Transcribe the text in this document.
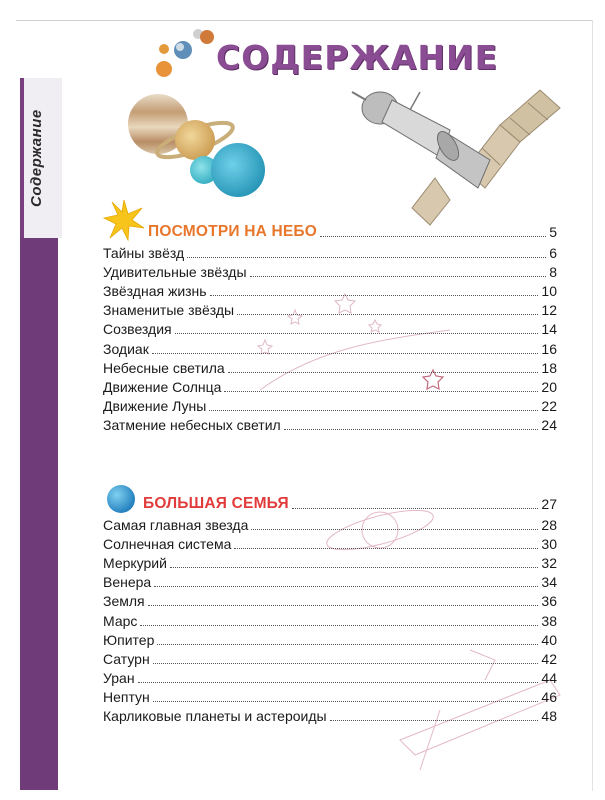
Содержание
СОДЕРЖАНИЕ
ПОСМОТРИ НА НЕБО	5
Тайны звёзд	6
Удивительные звёзды	8
Звёздная жизнь	10
Знаменитые звёзды	12
Созвездия	14
Зодиак	16
Небесные светила	18
Движение Солнца	20
Движение Луны	22
Затмение небесных светил	24
БОЛЬШАЯ СЕМЬЯ	27
Самая главная звезда	28
Солнечная система	30
Меркурий	32
Венера	34
Земля	36
Марс	38
Юпитер	40
Сатурн	42
Уран	44
Нептун	46
Карликовые планеты и астероиды	48
